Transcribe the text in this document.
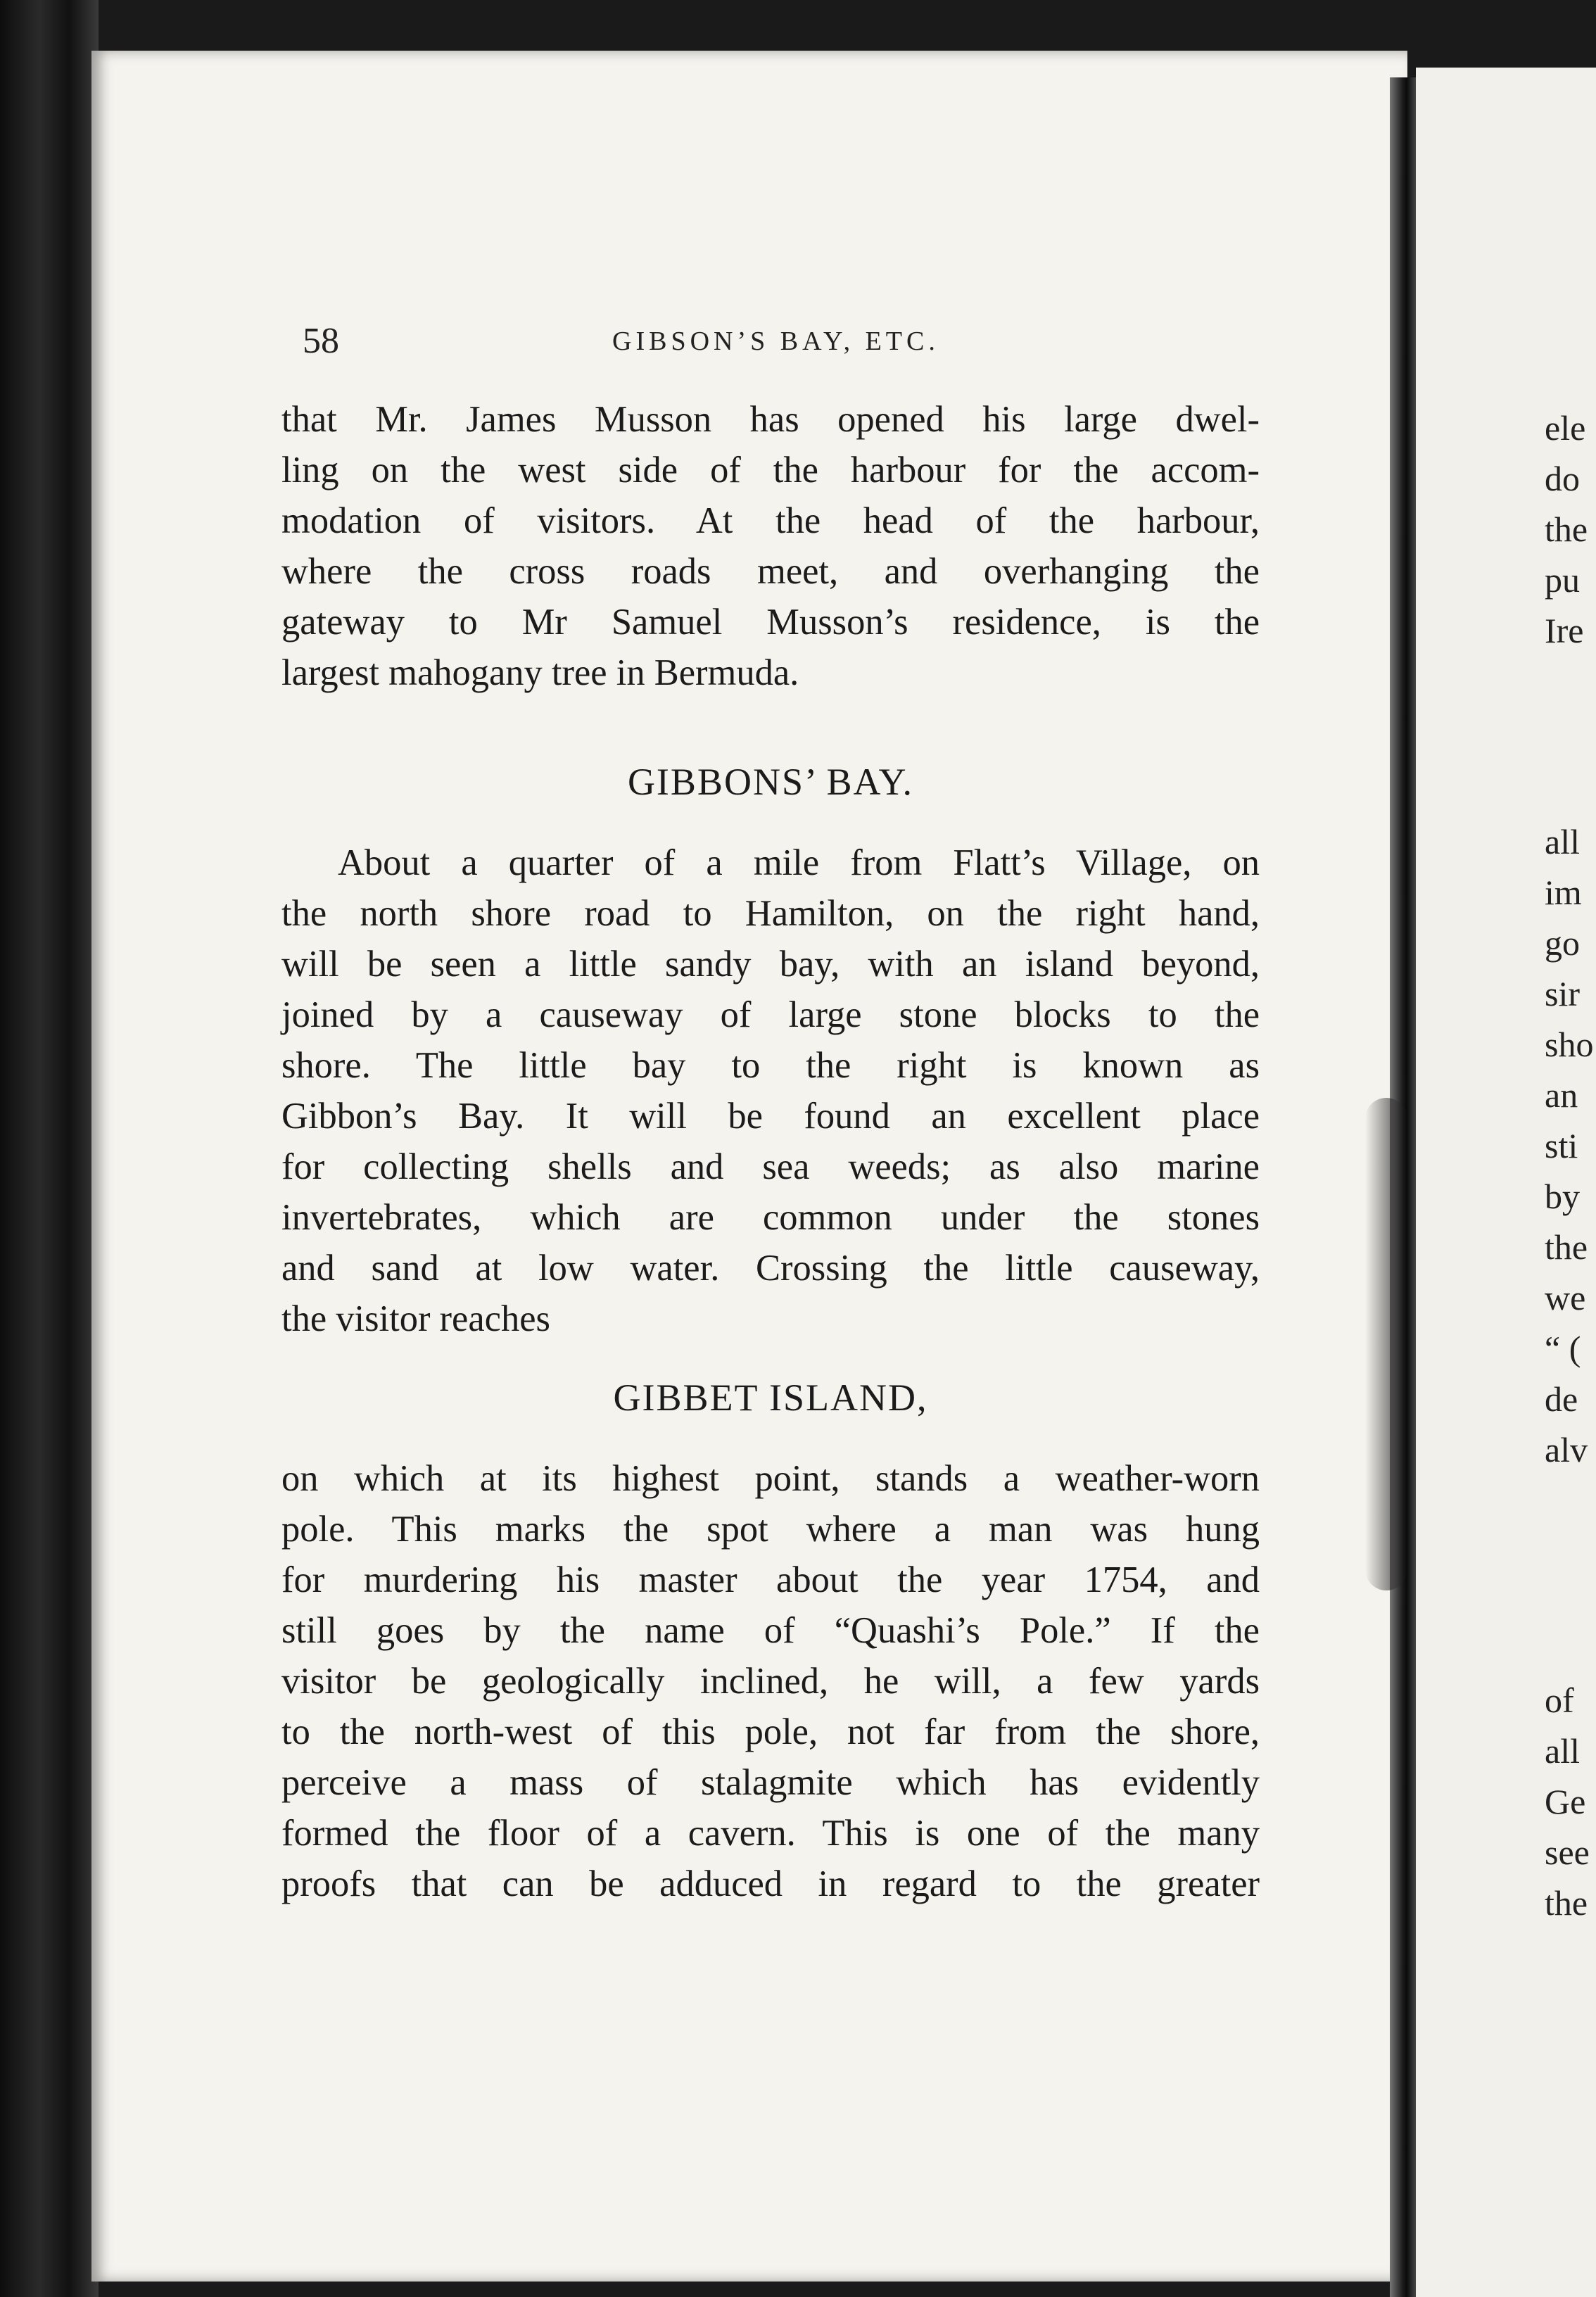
58	GIBSON’S BAY, ETC.
that Mr. James Musson has opened his large dwel-
ling on the west side of the harbour for the accom-
modation of visitors. At the head of the harbour,
where the cross roads meet, and overhanging the
gateway to Mr Samuel Musson’s residence, is the
largest mahogany tree in Bermuda.
GIBBONS’ BAY.
About a quarter of a mile from Flatt’s Village, on
the north shore road to Hamilton, on the right hand,
will be seen a little sandy bay, with an island beyond,
joined by a causeway of large stone blocks to the
shore. The little bay to the right is known as
Gibbon’s Bay. It will be found an excellent place
for collecting shells and sea weeds; as also marine
invertebrates, which are common under the stones
and sand at low water. Crossing the little causeway,
the visitor reaches
GIBBET ISLAND,
on which at its highest point, stands a weather-worn
pole. This marks the spot where a man was hung
for murdering his master about the year 1754, and
still goes by the name of “Quashi’s Pole.” If the
visitor be geologically inclined, he will, a few yards
to the north-west of this pole, not far from the shore,
perceive a mass of stalagmite which has evidently
formed the floor of a cavern. This is one of the many
proofs that can be adduced in regard to the greater
ele
do
the
pu
Ire
all
im
go
sir
sho
an
sti
by
the
we
“ (
de
alv
of
all
Ge
see
the
